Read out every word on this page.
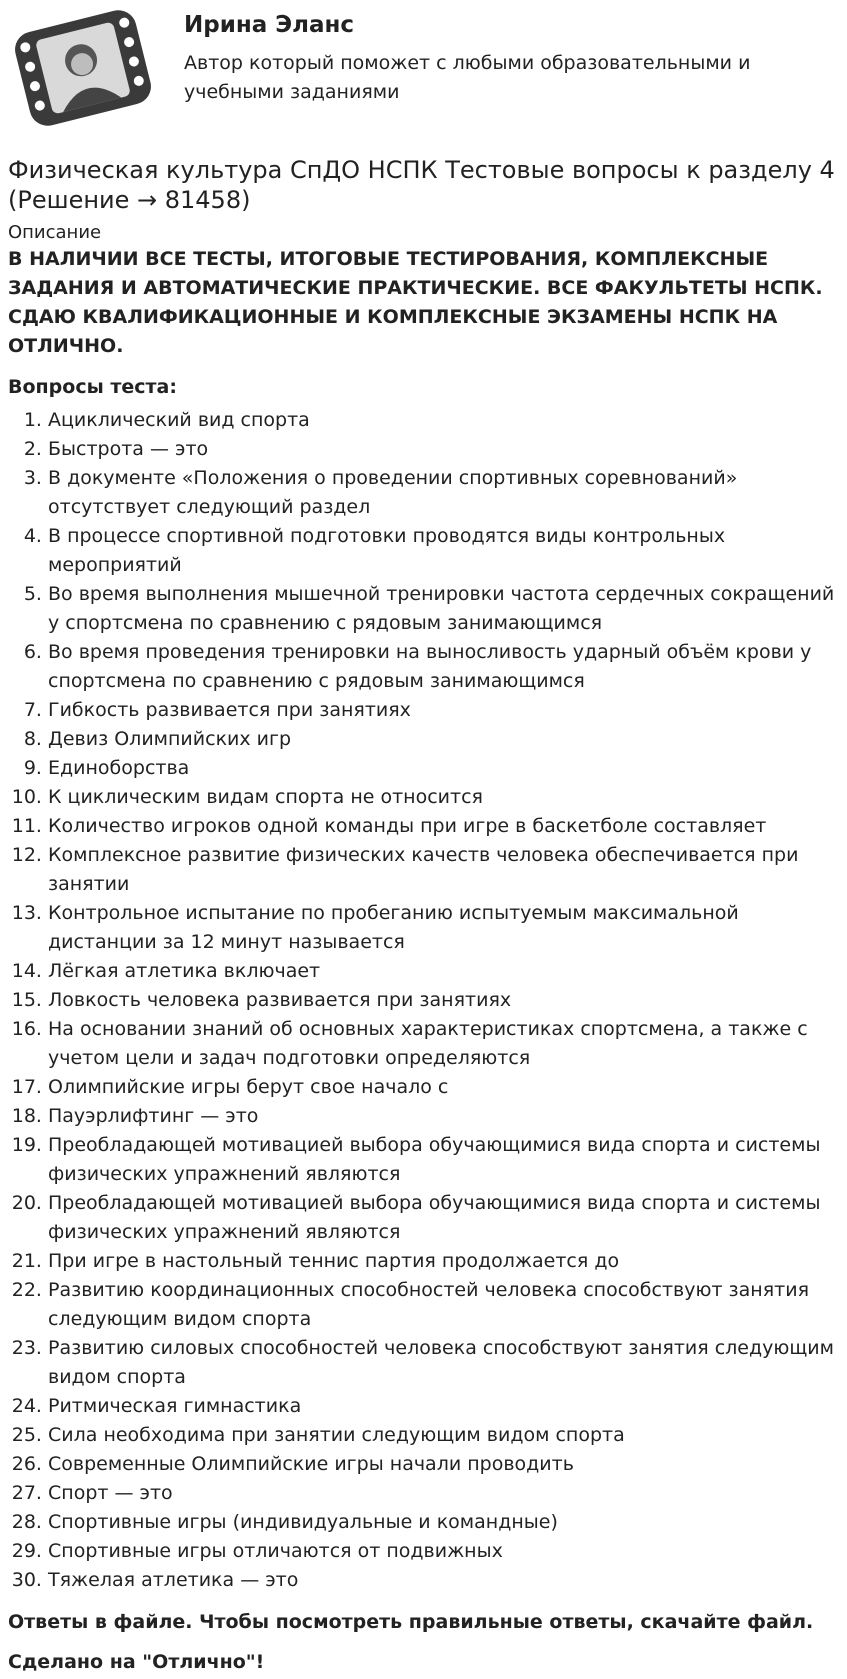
Ирина Эланс
Автор который поможет с любыми образовательными и учебными заданиями
Физическая культура СпДО НСПК Тестовые вопросы к разделу 4 (Решение → 81458)

Описание

В НАЛИЧИИ ВСЕ ТЕСТЫ, ИТОГОВЫЕ ТЕСТИРОВАНИЯ, КОМПЛЕКСНЫЕ ЗАДАНИЯ И АВТОМАТИЧЕСКИЕ ПРАКТИЧЕСКИЕ. ВСЕ ФАКУЛЬТЕТЫ НСПК. СДАЮ КВАЛИФИКАЦИОННЫЕ И КОМПЛЕКСНЫЕ ЭКЗАМЕНЫ НСПК НА ОТЛИЧНО.

Вопросы теста:

1. Ациклический вид спорта
2. Быстрота — это
3. В документе «Положения о проведении спортивных соревнований» отсутствует следующий раздел
4. В процессе спортивной подготовки проводятся виды контрольных мероприятий
5. Во время выполнения мышечной тренировки частота сердечных сокращений у спортсмена по сравнению с рядовым занимающимся
6. Во время проведения тренировки на выносливость ударный объём крови у спортсмена по сравнению с рядовым занимающимся
7. Гибкость развивается при занятиях
8. Девиз Олимпийских игр
9. Единоборства
10. К циклическим видам спорта не относится
11. Количество игроков одной команды при игре в баскетболе составляет
12. Комплексное развитие физических качеств человека обеспечивается при занятии
13. Контрольное испытание по пробеганию испытуемым максимальной дистанции за 12 минут называется
14. Лёгкая атлетика включает
15. Ловкость человека развивается при занятиях
16. На основании знаний об основных характеристиках спортсмена, а также с учетом цели и задач подготовки определяются
17. Олимпийские игры берут свое начало с
18. Пауэрлифтинг — это
19. Преобладающей мотивацией выбора обучающимися вида спорта и системы физических упражнений являются
20. Преобладающей мотивацией выбора обучающимися вида спорта и системы физических упражнений являются
21. При игре в настольный теннис партия продолжается до
22. Развитию координационных способностей человека способствуют занятия следующим видом спорта
23. Развитию силовых способностей человека способствуют занятия следующим видом спорта
24. Ритмическая гимнастика
25. Сила необходима при занятии следующим видом спорта
26. Современные Олимпийские игры начали проводить
27. Спорт — это
28. Спортивные игры (индивидуальные и командные)
29. Спортивные игры отличаются от подвижных
30. Тяжелая атлетика — это

Ответы в файле. Чтобы посмотреть правильные ответы, скачайте файл.

Сделано на "Отлично"!
